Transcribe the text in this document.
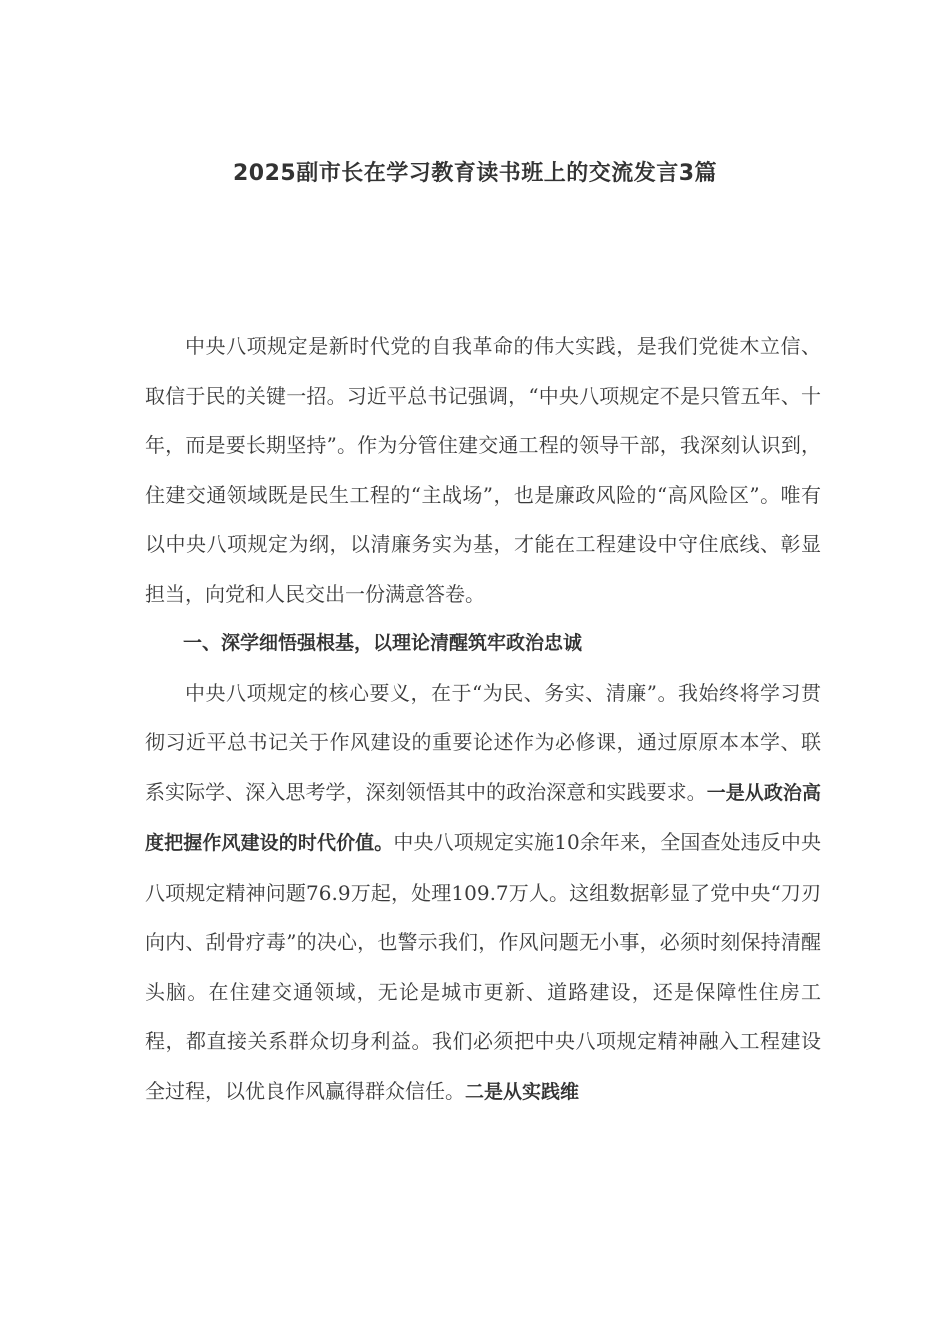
2025副市长在学习教育读书班上的交流发言3篇

中央八项规定是新时代党的自我革命的伟大实践，是我们党徙木立信、取信于民的关键一招。习近平总书记强调，“中央八项规定不是只管五年、十年，而是要长期坚持”。作为分管住建交通工程的领导干部，我深刻认识到，住建交通领域既是民生工程的“主战场”，也是廉政风险的“高风险区”。唯有以中央八项规定为纲，以清廉务实为基，才能在工程建设中守住底线、彰显担当，向党和人民交出一份满意答卷。

一、深学细悟强根基，以理论清醒筑牢政治忠诚

中央八项规定的核心要义，在于“为民、务实、清廉”。我始终将学习贯彻习近平总书记关于作风建设的重要论述作为必修课，通过原原本本学、联系实际学、深入思考学，深刻领悟其中的政治深意和实践要求。一是从政治高度把握作风建设的时代价值。中央八项规定实施10余年来，全国查处违反中央八项规定精神问题76.9万起，处理109.7万人。这组数据彰显了党中央“刀刃向内、刮骨疗毒”的决心，也警示我们，作风问题无小事，必须时刻保持清醒头脑。在住建交通领域，无论是城市更新、道路建设，还是保障性住房工程，都直接关系群众切身利益。我们必须把中央八项规定精神融入工程建设全过程，以优良作风赢得群众信任。二是从实践维
